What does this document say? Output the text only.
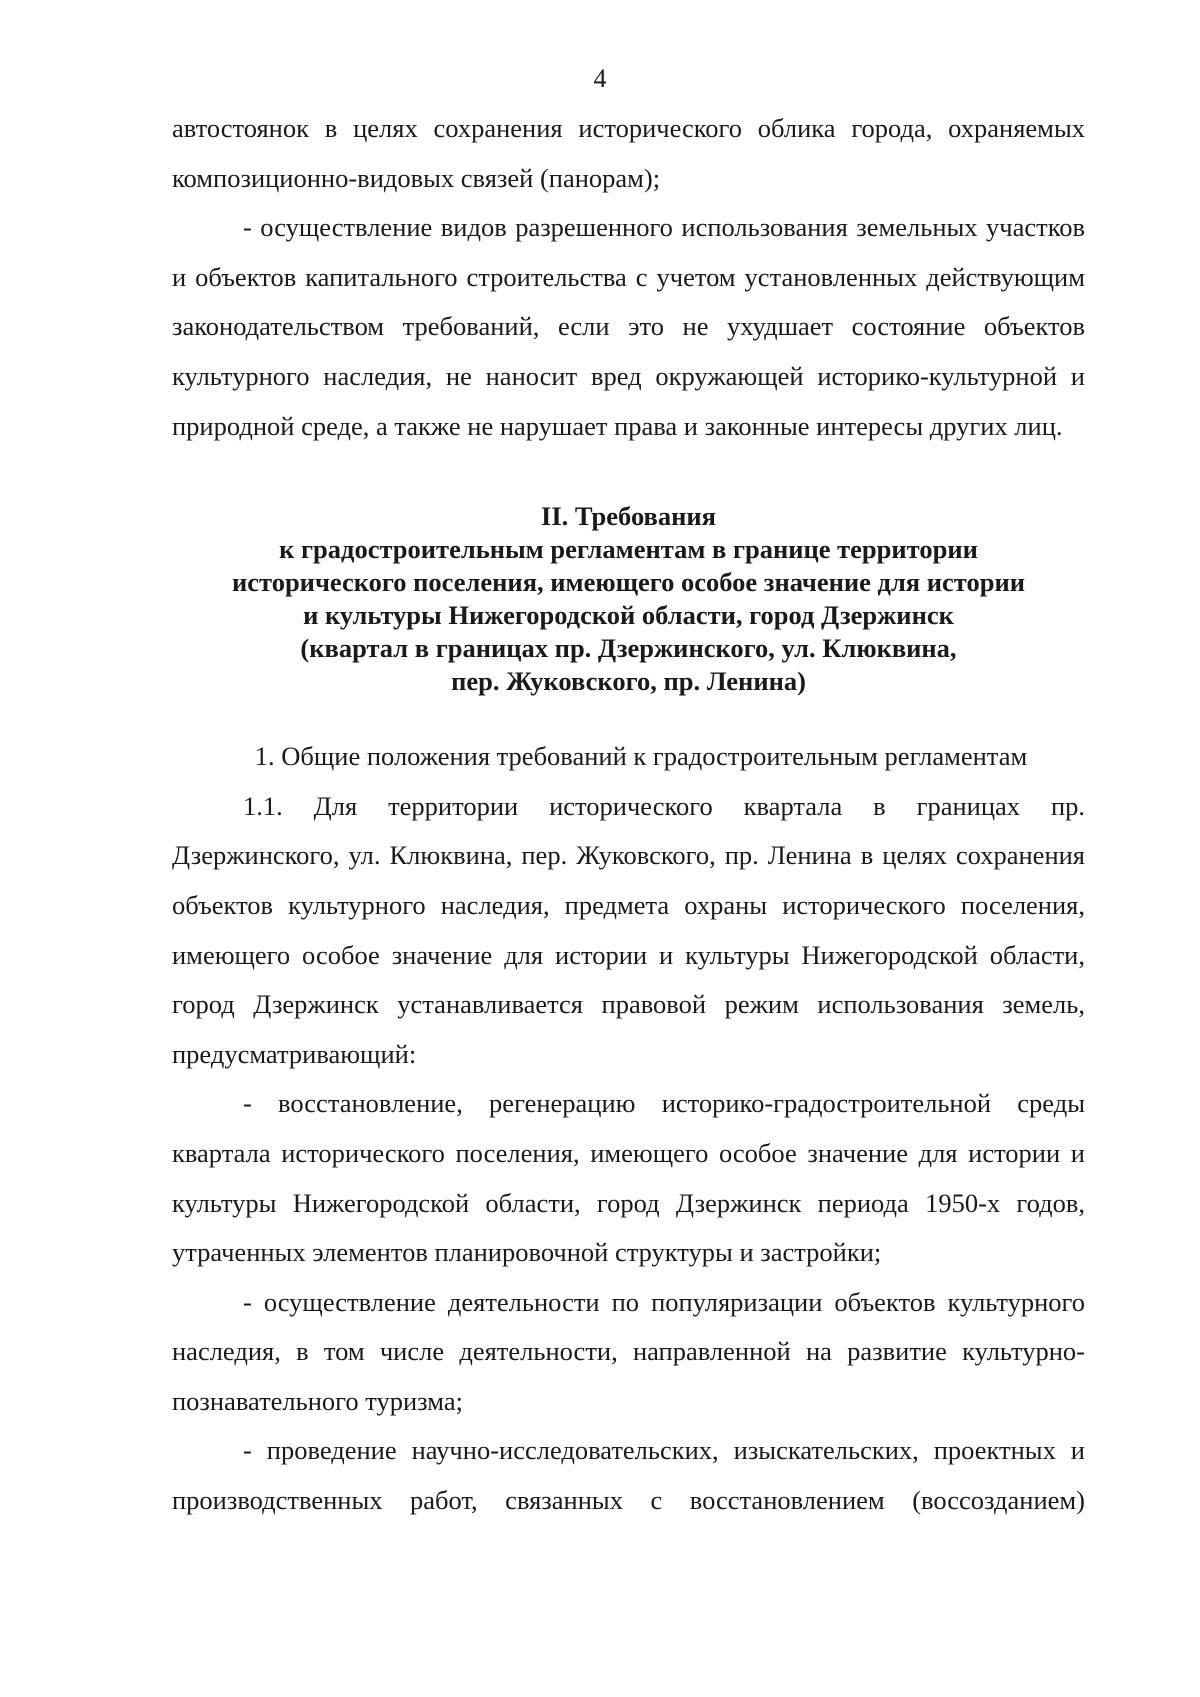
4

автостоянок в целях сохранения исторического облика города, охраняемых композиционно-видовых связей (панорам);

- осуществление видов разрешенного использования земельных участков и объектов капитального строительства с учетом установленных действующим законодательством требований, если это не ухудшает состояние объектов культурного наследия, не наносит вред окружающей историко-культурной и природной среде, а также не нарушает права и законные интересы других лиц.

II. Требования
к градостроительным регламентам в границе территории
исторического поселения, имеющего особое значение для истории
и культуры Нижегородской области, город Дзержинск
(квартал в границах пр. Дзержинского, ул. Клюквина,
пер. Жуковского, пр. Ленина)
1. Общие положения требований к градостроительным регламентам

1.1. Для территории исторического квартала в границах пр. Дзержинского, ул. Клюквина, пер. Жуковского, пр. Ленина в целях сохранения объектов культурного наследия, предмета охраны исторического поселения, имеющего особое значение для истории и культуры Нижегородской области, город Дзержинск устанавливается правовой режим использования земель, предусматривающий:

- восстановление, регенерацию историко-градостроительной среды квартала исторического поселения, имеющего особое значение для истории и культуры Нижегородской области, город Дзержинск периода 1950-х годов, утраченных элементов планировочной структуры и застройки;

- осуществление деятельности по популяризации объектов культурного наследия, в том числе деятельности, направленной на развитие культурно-познавательного туризма;

- проведение научно-исследовательских, изыскательских, проектных и производственных работ, связанных с восстановлением (воссозданием)
